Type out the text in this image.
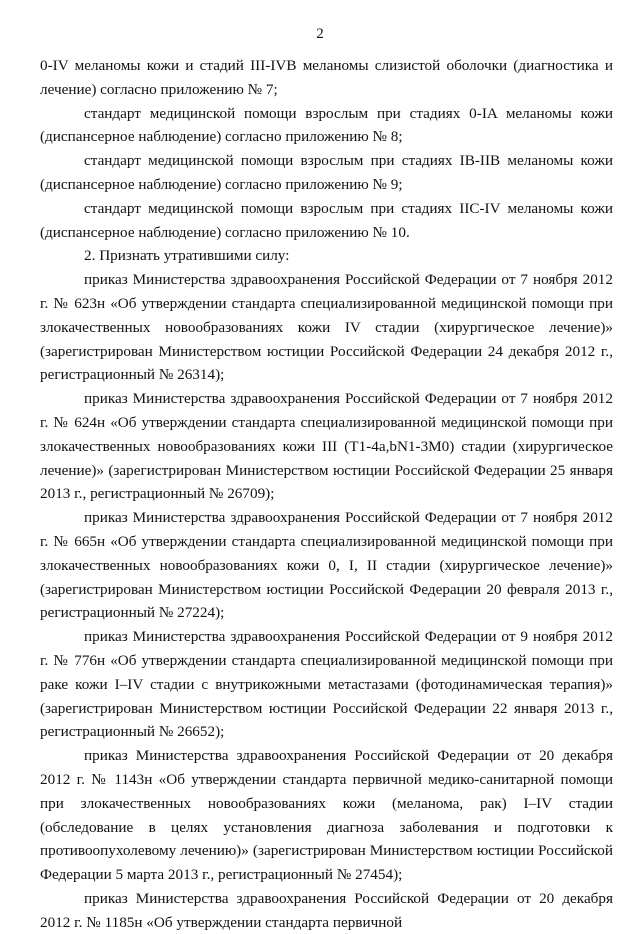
2

0-IV меланомы кожи и стадий III-IVB меланомы слизистой оболочки (диагностика и лечение) согласно приложению № 7;

стандарт медицинской помощи взрослым при стадиях 0-IA меланомы кожи (диспансерное наблюдение) согласно приложению № 8;

стандарт медицинской помощи взрослым при стадиях IB-IIB меланомы кожи (диспансерное наблюдение) согласно приложению № 9;

стандарт медицинской помощи взрослым при стадиях IIC-IV меланомы кожи (диспансерное наблюдение) согласно приложению № 10.

2. Признать утратившими силу:

приказ Министерства здравоохранения Российской Федерации от 7 ноября 2012 г. № 623н «Об утверждении стандарта специализированной медицинской помощи при злокачественных новообразованиях кожи IV стадии (хирургическое лечение)» (зарегистрирован Министерством юстиции Российской Федерации 24 декабря 2012 г., регистрационный № 26314);

приказ Министерства здравоохранения Российской Федерации от 7 ноября 2012 г. № 624н «Об утверждении стандарта специализированной медицинской помощи при злокачественных новообразованиях кожи III (T1-4a,bN1-3M0) стадии (хирургическое лечение)» (зарегистрирован Министерством юстиции Российской Федерации 25 января 2013 г., регистрационный № 26709);

приказ Министерства здравоохранения Российской Федерации от 7 ноября 2012 г. № 665н «Об утверждении стандарта специализированной медицинской помощи при злокачественных новообразованиях кожи 0, I, II стадии (хирургическое лечение)» (зарегистрирован Министерством юстиции Российской Федерации 20 февраля 2013 г., регистрационный № 27224);

приказ Министерства здравоохранения Российской Федерации от 9 ноября 2012 г. № 776н «Об утверждении стандарта специализированной медицинской помощи при раке кожи I–IV стадии с внутрикожными метастазами (фотодинамическая терапия)» (зарегистрирован Министерством юстиции Российской Федерации 22 января 2013 г., регистрационный № 26652);

приказ Министерства здравоохранения Российской Федерации от 20 декабря 2012 г. № 1143н «Об утверждении стандарта первичной медико-санитарной помощи при злокачественных новообразованиях кожи (меланома, рак) I–IV стадии (обследование в целях установления диагноза заболевания и подготовки к противоопухолевому лечению)» (зарегистрирован Министерством юстиции Российской Федерации 5 марта 2013 г., регистрационный № 27454);

приказ Министерства здравоохранения Российской Федерации от 20 декабря 2012 г. № 1185н «Об утверждении стандарта первичной
